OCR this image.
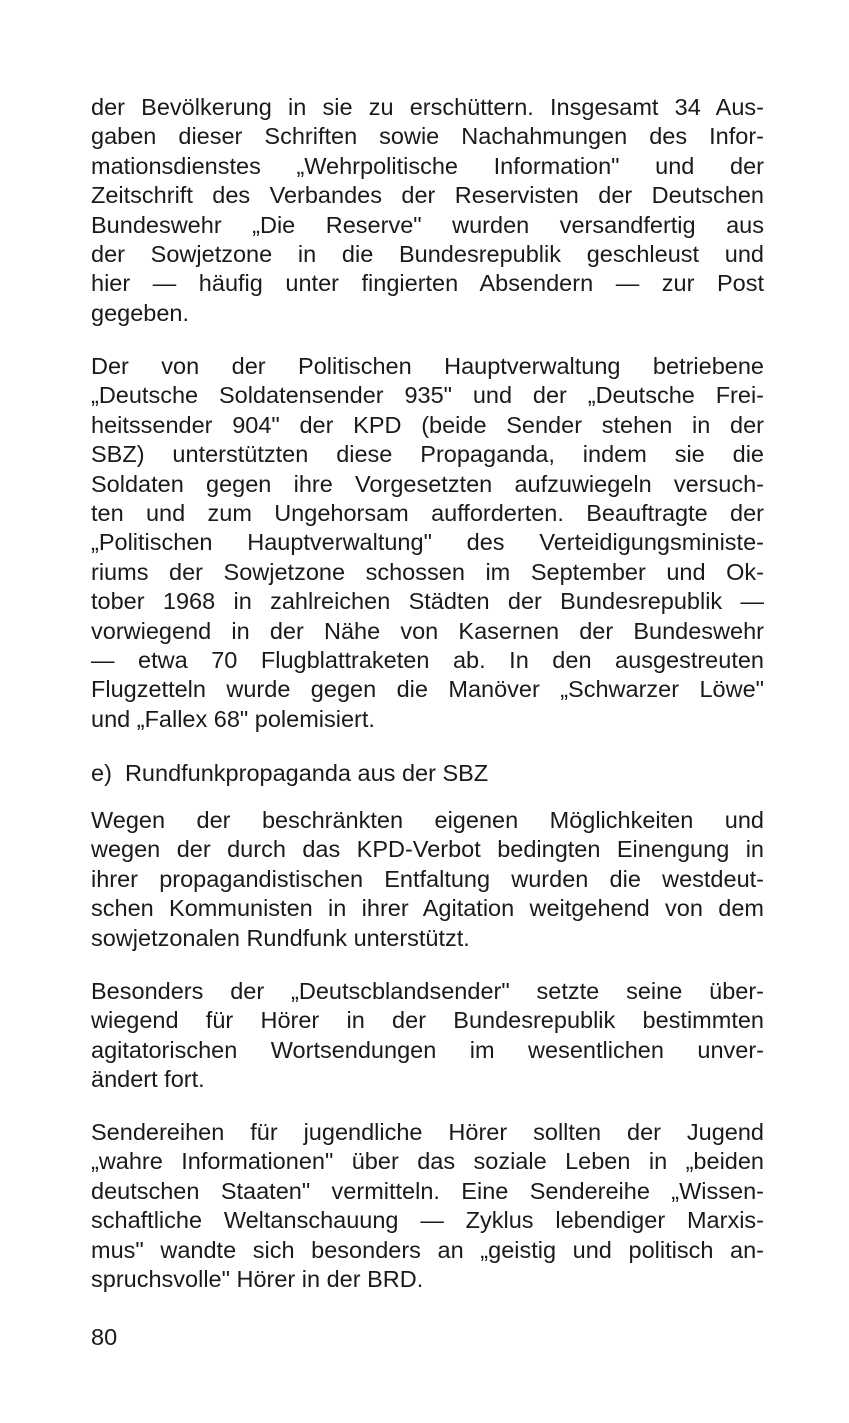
der Bevölkerung in sie zu erschüttern. Insgesamt 34 Aus-
gaben dieser Schriften sowie Nachahmungen des Infor-
mationsdienstes „Wehrpolitische Information" und der
Zeitschrift des Verbandes der Reservisten der Deutschen
Bundeswehr „Die Reserve" wurden versandfertig aus
der Sowjetzone in die Bundesrepublik geschleust und
hier — häufig unter fingierten Absendern — zur Post
gegeben.
Der von der Politischen Hauptverwaltung betriebene
„Deutsche Soldatensender 935" und der „Deutsche Frei-
heitssender 904" der KPD (beide Sender stehen in der
SBZ) unterstützten diese Propaganda, indem sie die
Soldaten gegen ihre Vorgesetzten aufzuwiegeln versuch-
ten und zum Ungehorsam aufforderten. Beauftragte der
„Politischen Hauptverwaltung" des Verteidigungsministe-
riums der Sowjetzone schossen im September und Ok-
tober 1968 in zahlreichen Städten der Bundesrepublik —
vorwiegend in der Nähe von Kasernen der Bundeswehr
— etwa 70 Flugblattraketen ab. In den ausgestreuten
Flugzetteln wurde gegen die Manöver „Schwarzer Löwe"
und „Fallex 68" polemisiert.
e)  Rundfunkpropaganda aus der SBZ
Wegen der beschränkten eigenen Möglichkeiten und
wegen der durch das KPD-Verbot bedingten Einengung in
ihrer propagandistischen Entfaltung wurden die westdeut-
schen Kommunisten in ihrer Agitation weitgehend von dem
sowjetzonalen Rundfunk unterstützt.
Besonders der „Deutscblandsender" setzte seine über-
wiegend für Hörer in der Bundesrepublik bestimmten
agitatorischen Wortsendungen im wesentlichen unver-
ändert fort.
Sendereihen für jugendliche Hörer sollten der Jugend
„wahre Informationen" über das soziale Leben in „beiden
deutschen Staaten" vermitteln. Eine Sendereihe „Wissen-
schaftliche Weltanschauung — Zyklus lebendiger Marxis-
mus" wandte sich besonders an „geistig und politisch an-
spruchsvolle" Hörer in der BRD.
80
